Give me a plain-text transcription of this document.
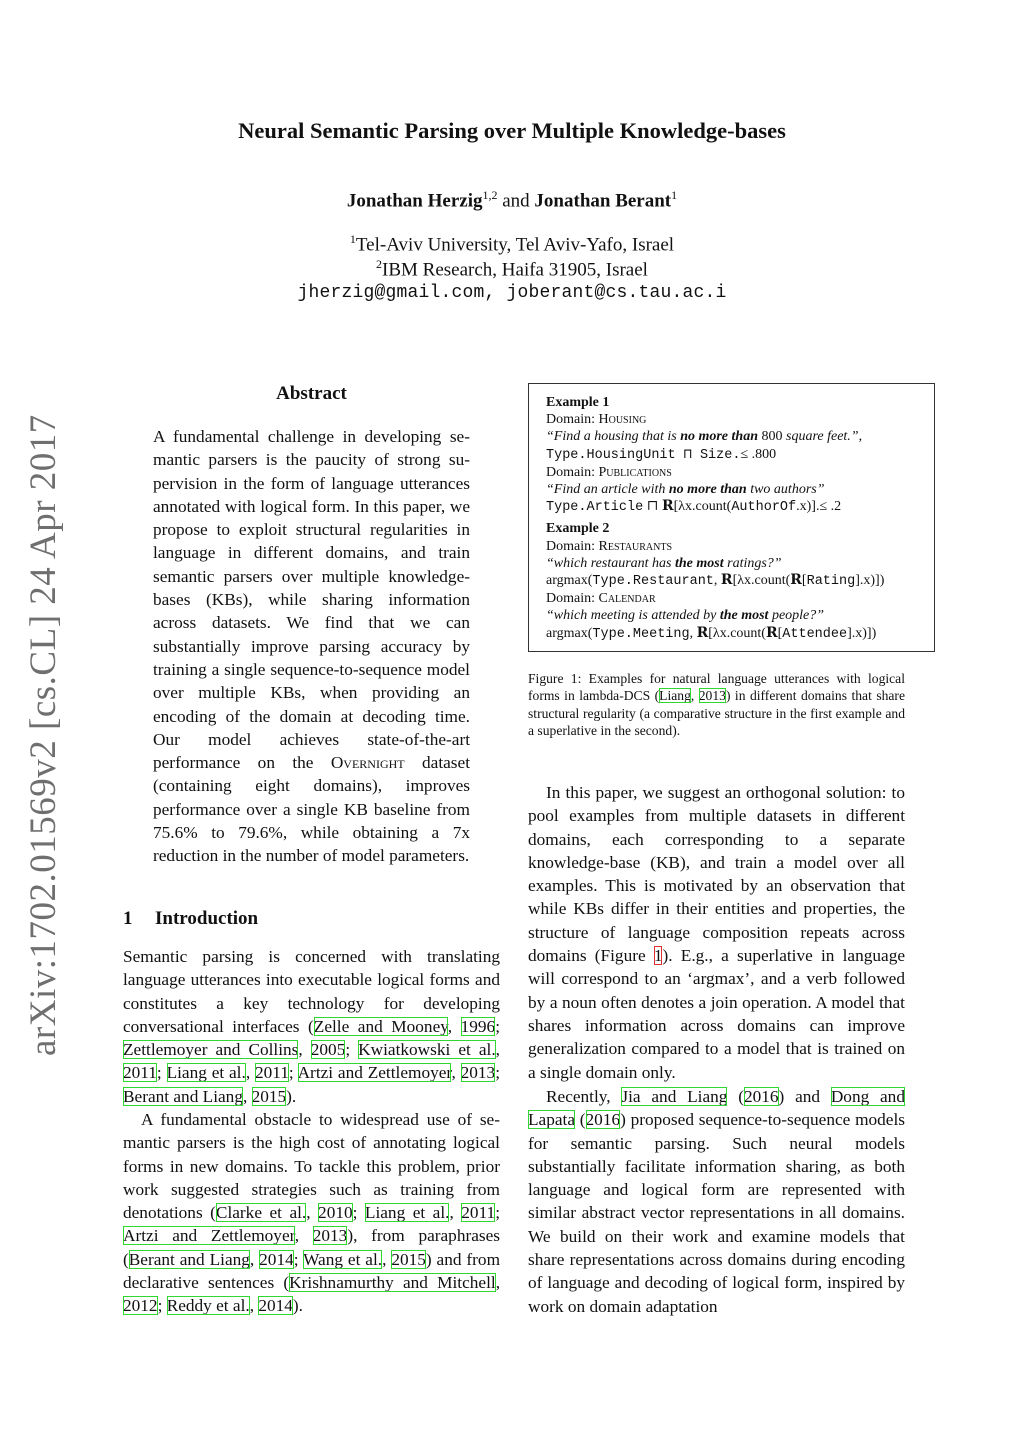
Neural Semantic Parsing over Multiple Knowledge-bases
Jonathan Herzig$^{1,2}$ and Jonathan Berant$^1$
$^1$Tel-Aviv University, Tel Aviv-Yafo, Israel
$^2$IBM Research, Haifa 31905, Israel
jherzig@gmail.com, joberant@cs.tau.ac.i
arXiv:1702.01569v2 [cs.CL] 24 Apr 2017
Abstract
A fundamental challenge in developing semantic parsers is the paucity of strong supervision in the form of language utterances annotated with logical form. In this paper, we propose to exploit structural regularities in language in different domains, and train semantic parsers over multiple knowledge-bases (KBs), while sharing information across datasets. We find that we can substantially improve parsing accuracy by training a single sequence-to-sequence model over multiple KBs, when providing an encoding of the domain at decoding time. Our model achieves state-of-the-art performance on the Overnight dataset (containing eight domains), improves performance over a single KB baseline from 75.6% to 79.6%, while obtaining a 7x reduction in the number of model parameters.
1 Introduction
Semantic parsing is concerned with translating language utterances into executable logical forms and constitutes a key technology for developing conversational interfaces (Zelle and Mooney, 1996; Zettlemoyer and Collins, 2005; Kwiatkowski et al., 2011; Liang et al., 2011; Artzi and Zettlemoyer, 2013; Berant and Liang, 2015).
A fundamental obstacle to widespread use of semantic parsers is the high cost of annotating logical forms in new domains. To tackle this problem, prior work suggested strategies such as training from denotations (Clarke et al., 2010; Liang et al., 2011; Artzi and Zettlemoyer, 2013), from paraphrases (Berant and Liang, 2014; Wang et al., 2015) and from declarative sentences (Krishnamurthy and Mitchell, 2012; Reddy et al., 2014).
Example 1
Domain: Housing
“Find a housing that is no more than 800 square feet.”,
Type.HousingUnit ⊓ Size.≤ .800
Domain: Publications
“Find an article with no more than two authors”
Type.Article ⊓ R[λx.count(AuthorOf.x)].≤ .2
Example 2
Domain: Restaurants
“which restaurant has the most ratings?”
argmax(Type.Restaurant, R[λx.count(R[Rating].x)])
Domain: Calendar
“which meeting is attended by the most people?”
argmax(Type.Meeting, R[λx.count(R[Attendee].x)])
Figure 1: Examples for natural language utterances with logical forms in lambda-DCS (Liang, 2013) in different domains that share structural regularity (a comparative structure in the first example and a superlative in the second).
In this paper, we suggest an orthogonal solution: to pool examples from multiple datasets in different domains, each corresponding to a separate knowledge-base (KB), and train a model over all examples. This is motivated by an observation that while KBs differ in their entities and properties, the structure of language composition repeats across domains (Figure 1). E.g., a superlative in language will correspond to an ‘argmax’, and a verb followed by a noun often denotes a join operation. A model that shares information across domains can improve generalization compared to a model that is trained on a single domain only.
Recently, Jia and Liang (2016) and Dong and Lapata (2016) proposed sequence-to-sequence models for semantic parsing. Such neural models substantially facilitate information sharing, as both language and logical form are represented with similar abstract vector representations in all domains. We build on their work and examine models that share representations across domains during encoding of language and decoding of logical form, inspired by work on domain adaptation
